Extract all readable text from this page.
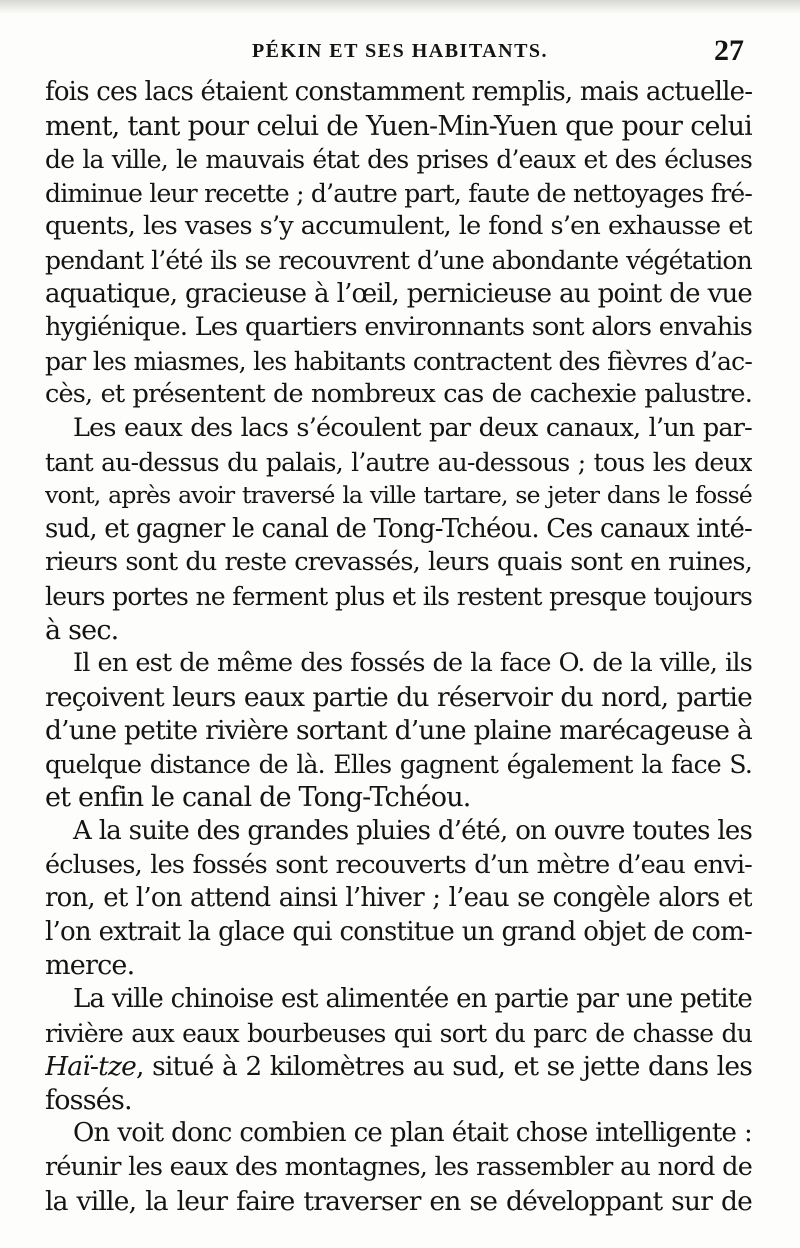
PÉKIN ET SES HABITANTS.	27

fois ces lacs étaient constamment remplis, mais actuelle-
ment, tant pour celui de Yuen-Min-Yuen que pour celui
de la ville, le mauvais état des prises d’eaux et des écluses
diminue leur recette ; d’autre part, faute de nettoyages fré-
quents, les vases s’y accumulent, le fond s’en exhausse et
pendant l’été ils se recouvrent d’une abondante végétation
aquatique, gracieuse à l’œil, pernicieuse au point de vue
hygiénique. Les quartiers environnants sont alors envahis
par les miasmes, les habitants contractent des fièvres d’ac-
cès, et présentent de nombreux cas de cachexie palustre.

Les eaux des lacs s’écoulent par deux canaux, l’un par-
tant au-dessus du palais, l’autre au-dessous ; tous les deux
vont, après avoir traversé la ville tartare, se jeter dans le fossé
sud, et gagner le canal de Tong-Tchéou. Ces canaux inté-
rieurs sont du reste crevassés, leurs quais sont en ruines,
leurs portes ne ferment plus et ils restent presque toujours
à sec.

Il en est de même des fossés de la face O. de la ville, ils
reçoivent leurs eaux partie du réservoir du nord, partie
d’une petite rivière sortant d’une plaine marécageuse à
quelque distance de là. Elles gagnent également la face S.
et enfin le canal de Tong-Tchéou.

A la suite des grandes pluies d’été, on ouvre toutes les
écluses, les fossés sont recouverts d’un mètre d’eau envi-
ron, et l’on attend ainsi l’hiver ; l’eau se congèle alors et
l’on extrait la glace qui constitue un grand objet de com-
merce.

La ville chinoise est alimentée en partie par une petite
rivière aux eaux bourbeuses qui sort du parc de chasse du
Haï-tze, situé à 2 kilomètres au sud, et se jette dans les
fossés.

On voit donc combien ce plan était chose intelligente :
réunir les eaux des montagnes, les rassembler au nord de
la ville, la leur faire traverser en se développant sur de
